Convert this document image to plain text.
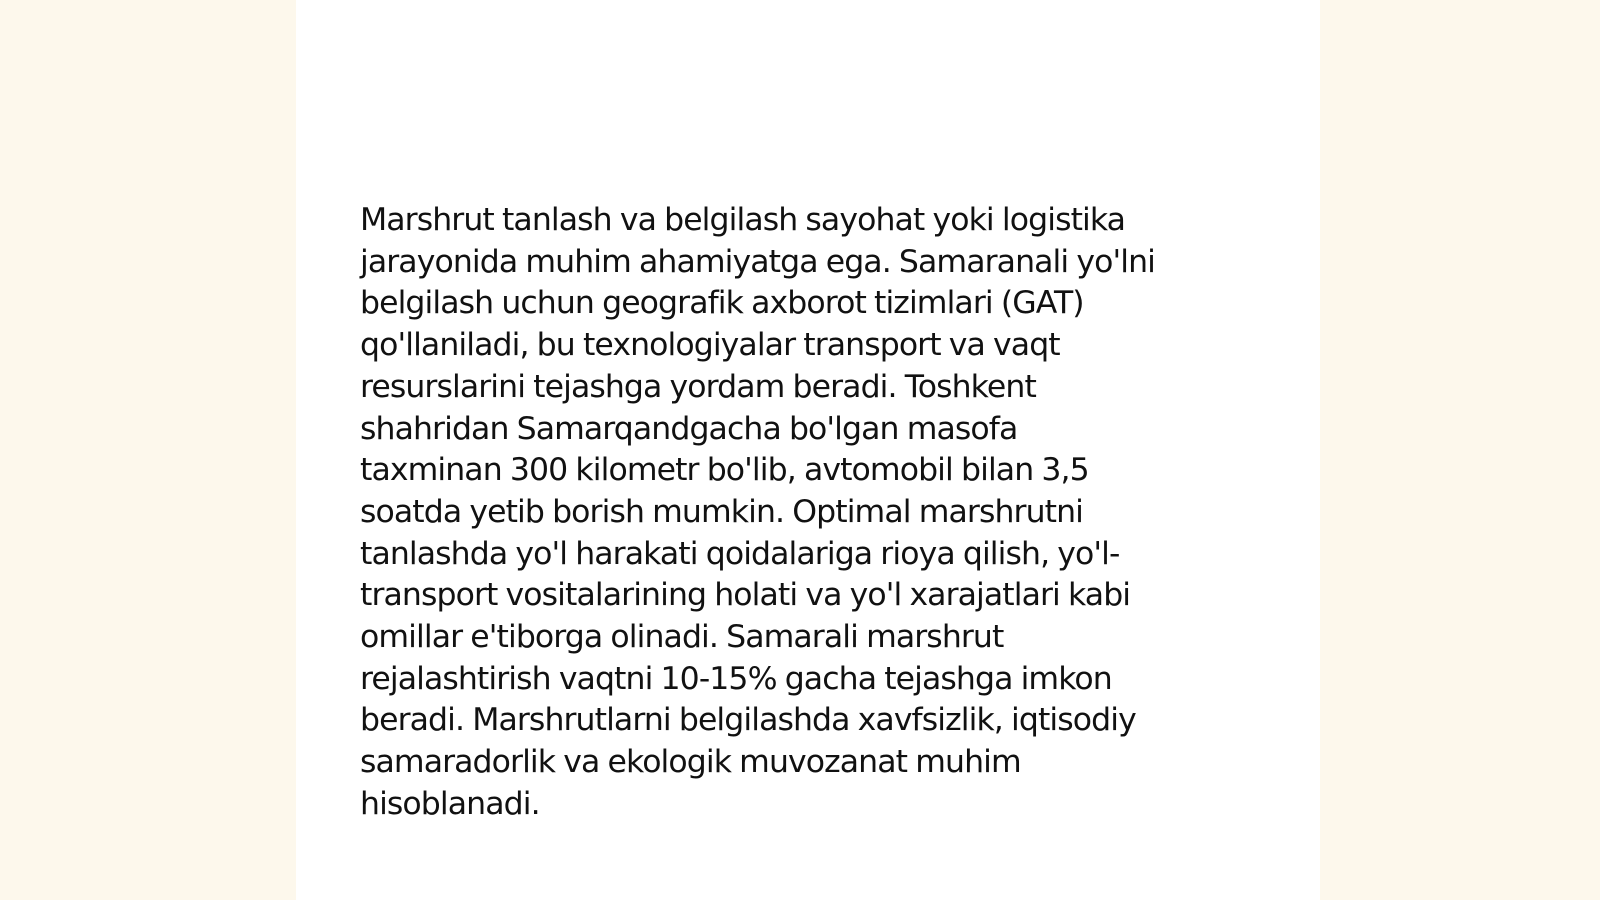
Marshrut tanlash va belgilash sayohat yoki logistika
jarayonida muhim ahamiyatga ega. Samaranali yo'lni
belgilash uchun geografik axborot tizimlari (GAT)
qo'llaniladi, bu texnologiyalar transport va vaqt
resurslarini tejashga yordam beradi. Toshkent
shahridan Samarqandgacha bo'lgan masofa
taxminan 300 kilometr bo'lib, avtomobil bilan 3,5
soatda yetib borish mumkin. Optimal marshrutni
tanlashda yo'l harakati qoidalariga rioya qilish, yo'l-
transport vositalarining holati va yo'l xarajatlari kabi
omillar e'tiborga olinadi. Samarali marshrut
rejalashtirish vaqtni 10-15% gacha tejashga imkon
beradi. Marshrutlarni belgilashda xavfsizlik, iqtisodiy
samaradorlik va ekologik muvozanat muhim
hisoblanadi.
